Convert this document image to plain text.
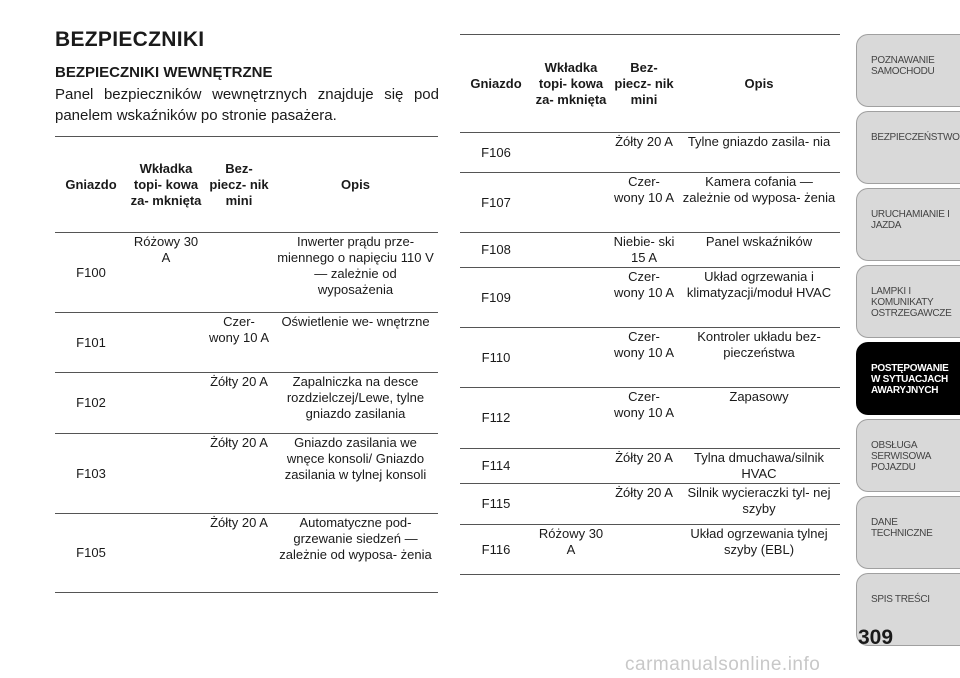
BEZPIECZNIKI
BEZPIECZNIKI WEWNĘTRZNE

Panel bezpieczników wewnętrznych znajduje się pod panelem wskaźników po stronie pasażera.

Gniazdo	Wkładka topi- kowa za- mknięta	Bez- piecz- nik mini	Opis
F100	Różowy 30 A		Inwerter prądu prze- miennego o napięciu 110 V — zależnie od wyposażenia
F101		Czer- wony 10 A	Oświetlenie we- wnętrzne
F102		Żółty 20 A	Zapalniczka na desce rozdzielczej/Lewe, tylne gniazdo zasilania
F103		Żółty 20 A	Gniazdo zasilania we wnęce konsoli/ Gniazdo zasilania w tylnej konsoli
F105		Żółty 20 A	Automatyczne pod- grzewanie siedzeń — zależnie od wyposa- żenia
Gniazdo	Wkładka topi- kowa za- mknięta	Bez- piecz- nik mini	Opis
F106		Żółty 20 A	Tylne gniazdo zasila- nia
F107		Czer- wony 10 A	Kamera cofania — zależnie od wyposa- żenia
F108		Niebie- ski 15 A	Panel wskaźników
F109		Czer- wony 10 A	Układ ogrzewania i klimatyzacji/moduł HVAC
F110		Czer- wony 10 A	Kontroler układu bez- pieczeństwa
F112		Czer- wony 10 A	Zapasowy
F114		Żółty 20 A	Tylna dmuchawa/silnik HVAC
F115		Żółty 20 A	Silnik wycieraczki tyl- nej szyby
F116	Różowy 30 A		Układ ogrzewania tylnej szyby (EBL)
POZNAWANIE SAMOCHODU
BEZPIECZEŃSTWO
URUCHAMIANIE I JAZDA
LAMPKI I KOMUNIKATY OSTRZEGAWCZE
POSTĘPOWANIE W SYTUACJACH AWARYJNYCH
OBSŁUGA SERWISOWA POJAZDU
DANE TECHNICZNE
SPIS TREŚCI
309
carmanualsonline.info
